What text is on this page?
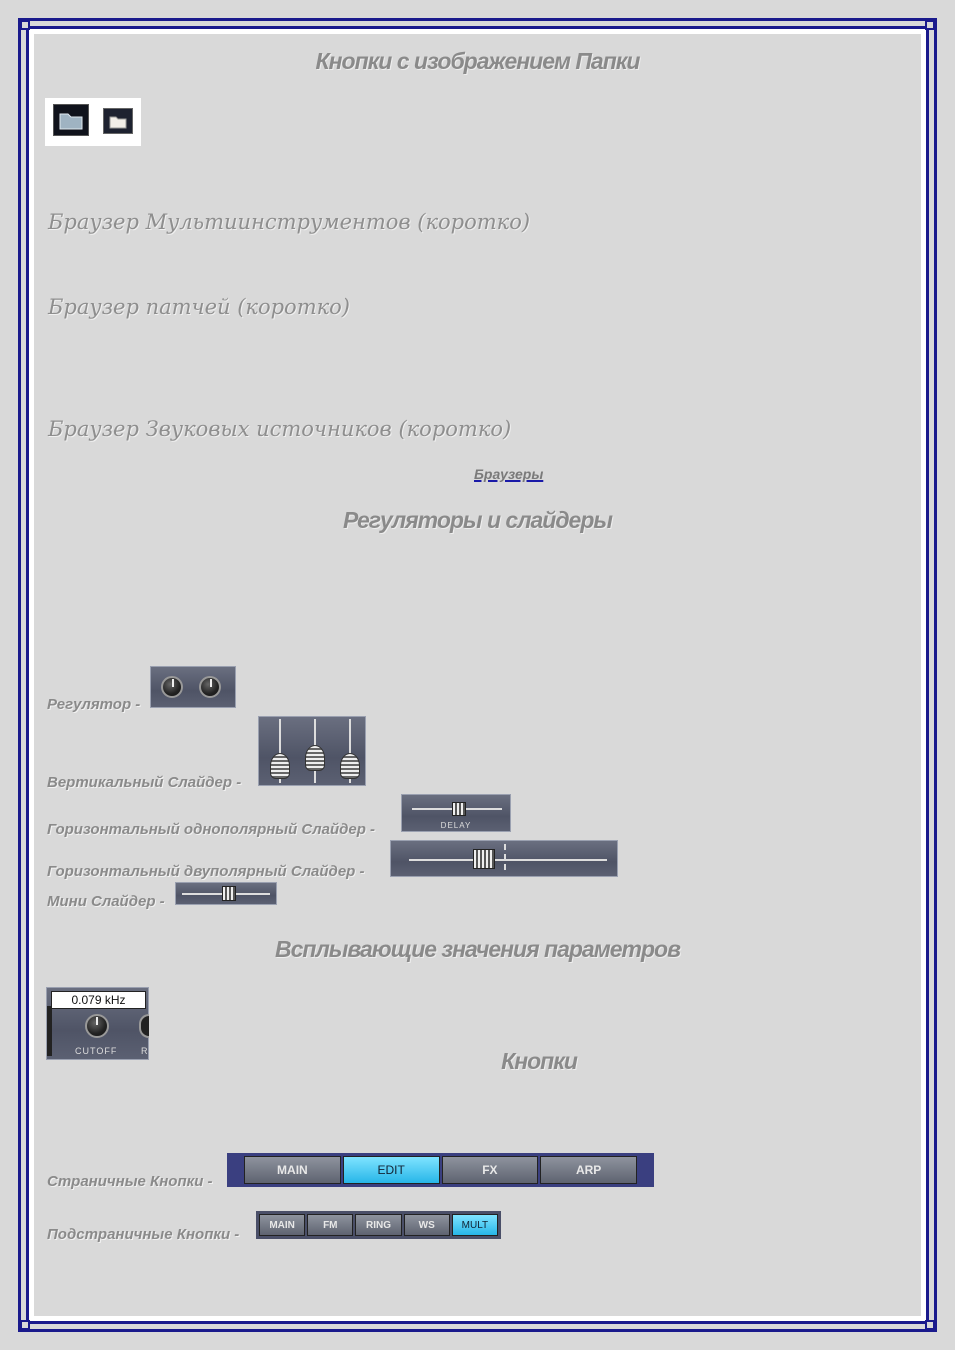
Кнопки с изображением Папки
Браузер Мультиинструментов (коротко)
Браузер патчей (коротко)
Браузер Звуковых источников (коротко)
Браузеры
Регуляторы и слайдеры
Регулятор -
Вертикальный Слайдер -
Горизонтальный однополярный Слайдер -	DELAY
Горизонтальный двуполярный Слайдер -
Мини Слайдер -
Всплывающие значения параметров
0.079 kHz
CUTOFF	R	Кнопки
Страничные Кнопки -
MAIN	EDIT	FX	ARP
Подстраничные Кнопки -
MAIN	FM	RING	WS	MULT
